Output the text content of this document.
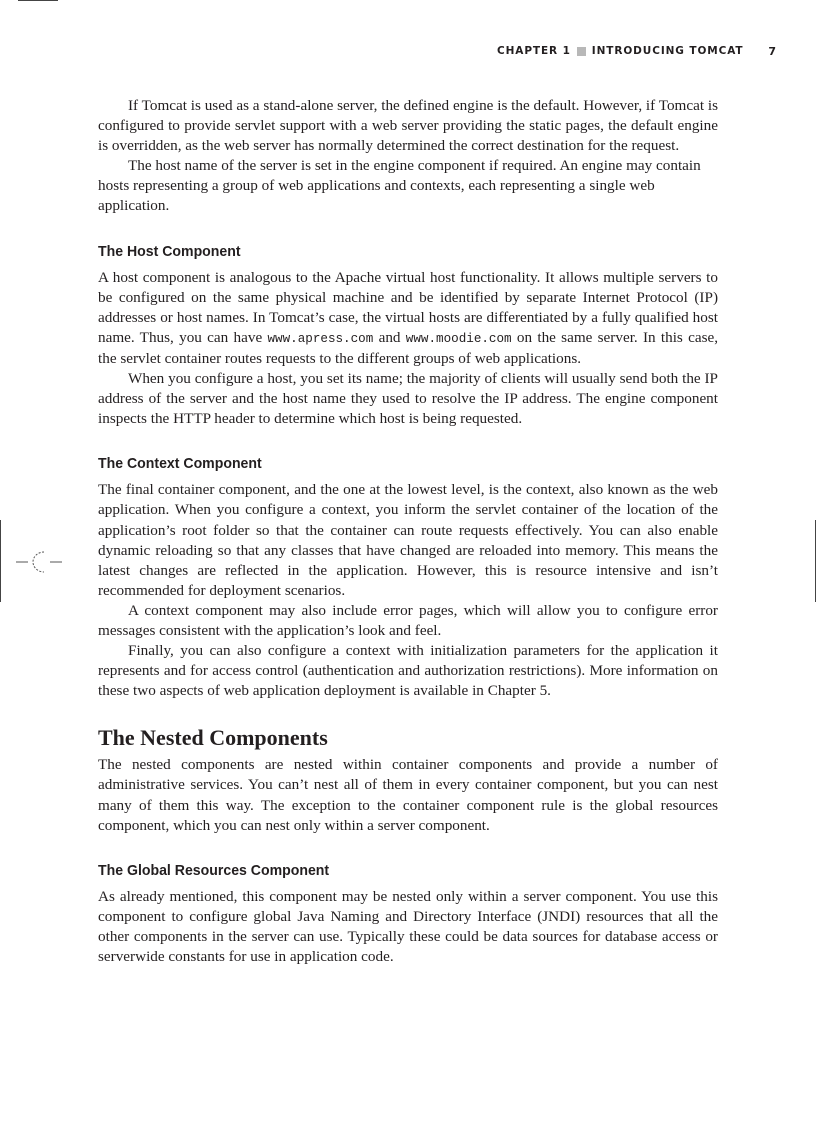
CHAPTER 1 INTRODUCING TOMCAT 7

If Tomcat is used as a stand-alone server, the defined engine is the default. However, if Tomcat is configured to provide servlet support with a web server providing the static pages, the default engine is overridden, as the web server has normally determined the correct destination for the request.

The host name of the server is set in the engine component if required. An engine may contain hosts representing a group of web applications and contexts, each representing a single web application.

The Host Component

A host component is analogous to the Apache virtual host functionality. It allows multiple servers to be configured on the same physical machine and be identified by separate Internet Protocol (IP) addresses or host names. In Tomcat’s case, the virtual hosts are differentiated by a fully qualified host name. Thus, you can have www.apress.com and www.moodie.com on the same server. In this case, the servlet container routes requests to the different groups of web applications.

When you configure a host, you set its name; the majority of clients will usually send both the IP address of the server and the host name they used to resolve the IP address. The engine component inspects the HTTP header to determine which host is being requested.

The Context Component

The final container component, and the one at the lowest level, is the context, also known as the web application. When you configure a context, you inform the servlet container of the location of the application’s root folder so that the container can route requests effectively. You can also enable dynamic reloading so that any classes that have changed are reloaded into memory. This means the latest changes are reflected in the application. However, this is resource intensive and isn’t recommended for deployment scenarios.

A context component may also include error pages, which will allow you to configure error messages consistent with the application’s look and feel.

Finally, you can also configure a context with initialization parameters for the application it represents and for access control (authentication and authorization restrictions). More information on these two aspects of web application deployment is available in Chapter 5.

The Nested Components

The nested components are nested within container components and provide a number of administrative services. You can’t nest all of them in every container component, but you can nest many of them this way. The exception to the container component rule is the global resources component, which you can nest only within a server component.

The Global Resources Component

As already mentioned, this component may be nested only within a server component. You use this component to configure global Java Naming and Directory Interface (JNDI) resources that all the other components in the server can use. Typically these could be data sources for database access or serverwide constants for use in application code.
